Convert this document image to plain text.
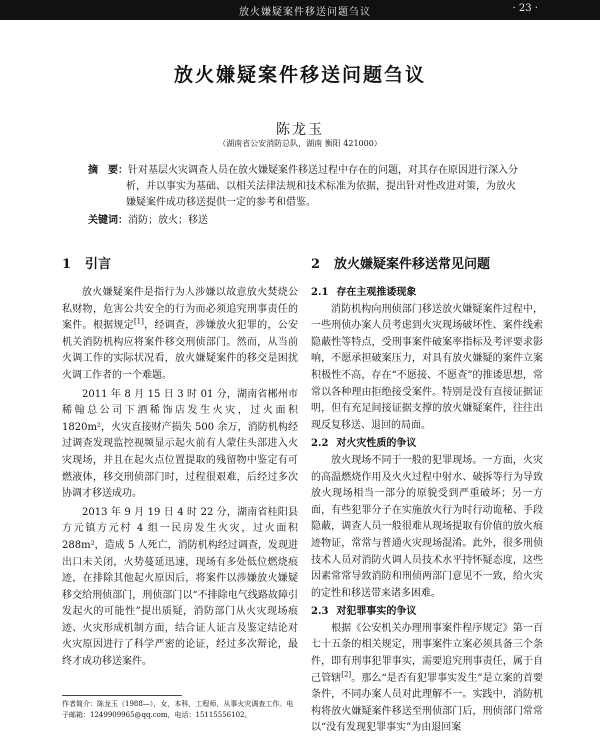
放火嫌疑案件移送问题刍议	· 23 ·
放火嫌疑案件移送问题刍议
陈龙玉
（湖南省公安消防总队，湖南 衡阳 421000）
摘　要：针对基层火灾调查人员在放火嫌疑案件移送过程中存在的问题，对其存在原因进行深入分析，并以事实为基础、以相关法律法规和技术标准为依据，提出针对性改进对策，为放火嫌疑案件成功移送提供一定的参考和借鉴。
关键词：消防；放火；移送
1 引言

放火嫌疑案件是指行为人涉嫌以故意放火焚烧公私财物，危害公共安全的行为而必须追究刑事责任的案件。根据规定[1]，经调查，涉嫌放火犯罪的，公安机关消防机构应将案件移交刑侦部门。然而，从当前火调工作的实际状况看，放火嫌疑案件的移交是困扰火调工作者的一个难题。

2011 年 8 月 15 日 3 时 01 分，湖南省郴州市稀翰总公司下酒稀饰店发生火灾，过火面积 1820m²，火灾直接财产损失 500 余万，消防机构经过调查发现监控视频显示起火前有人蒙住头部进入火灾现场，并且在起火点位置提取的残留物中鉴定有可燃液体，移交刑侦部门时，过程很艰难，后经过多次协调才移送成功。

2013 年 9 月 19 日 4 时 22 分，湖南省桂阳县方元镇方元村 4 组一民房发生火灾，过火面积 288m²，造成 5 人死亡，消防机构经过调查，发现进出口未关闭，火势蔓延迅速，现场有多处低位燃烧痕迹，在排除其他起火原因后，将案件以涉嫌放火嫌疑移交给刑侦部门，刑侦部门以“不排除电气线路故障引发起火的可能性”提出质疑，消防部门从火灾现场痕迹、火灾形成机制方面，结合证人证言及鉴定结论对火灾原因进行了科学严密的论证，经过多次辩论，最终才成功移送案件。

2 放火嫌疑案件移送常见问题
2.1 存在主观推诿现象

消防机构向刑侦部门移送放火嫌疑案件过程中，一些刑侦办案人员考虑到火灾现场破坏性、案件线索隐蔽性等特点，受刑事案件破案率指标及考评要求影响，不愿承担破案压力，对具有放火嫌疑的案件立案积极性不高，存在“不愿接、不愿查”的推诿思想，常常以各种理由拒绝接受案件。特别是没有直接证据证明，但有充足间接证据支撑的放火嫌疑案件，往往出现反复移送、退回的局面。

2.2 对火灾性质的争议

放火现场不同于一般的犯罪现场。一方面，火灾的高温燃烧作用及火火过程中射水、破拆等行为导致放火现场相当一部分的原貌受到严重破坏；另一方面，有些犯罪分子在实施放火行为时行动诡秘、手段隐蔽，调查人员一般很难从现场提取有价值的放火痕迹物证，常常与普通火灾现场混淆。此外，很多刑侦技术人员对消防火调人员技术水平持怀疑态度，这些因素常常导致消防和刑侦两部门意见不一致，给火灾的定性和移送带来诸多困难。

2.3 对犯罪事实的争议

根据《公安机关办理刑事案件程序规定》第一百七十五条的相关规定，刑事案件立案必须具备三个条件，即有刑事犯罪事实，需要追究刑事责任，属于自己管辖[2]。那么“是否有犯罪事实发生”是立案的首要条件，不同办案人员对此理解不一。实践中，消防机构将放火嫌疑案件移送至刑侦部门后，刑侦部门常常以“没有发现犯罪事实”为由退回案

作者简介：陈龙玉（1988—），女，本科，工程师，从事火灾调查工作。电子邮箱：1249909965@qq.com，电话：15115556102。
